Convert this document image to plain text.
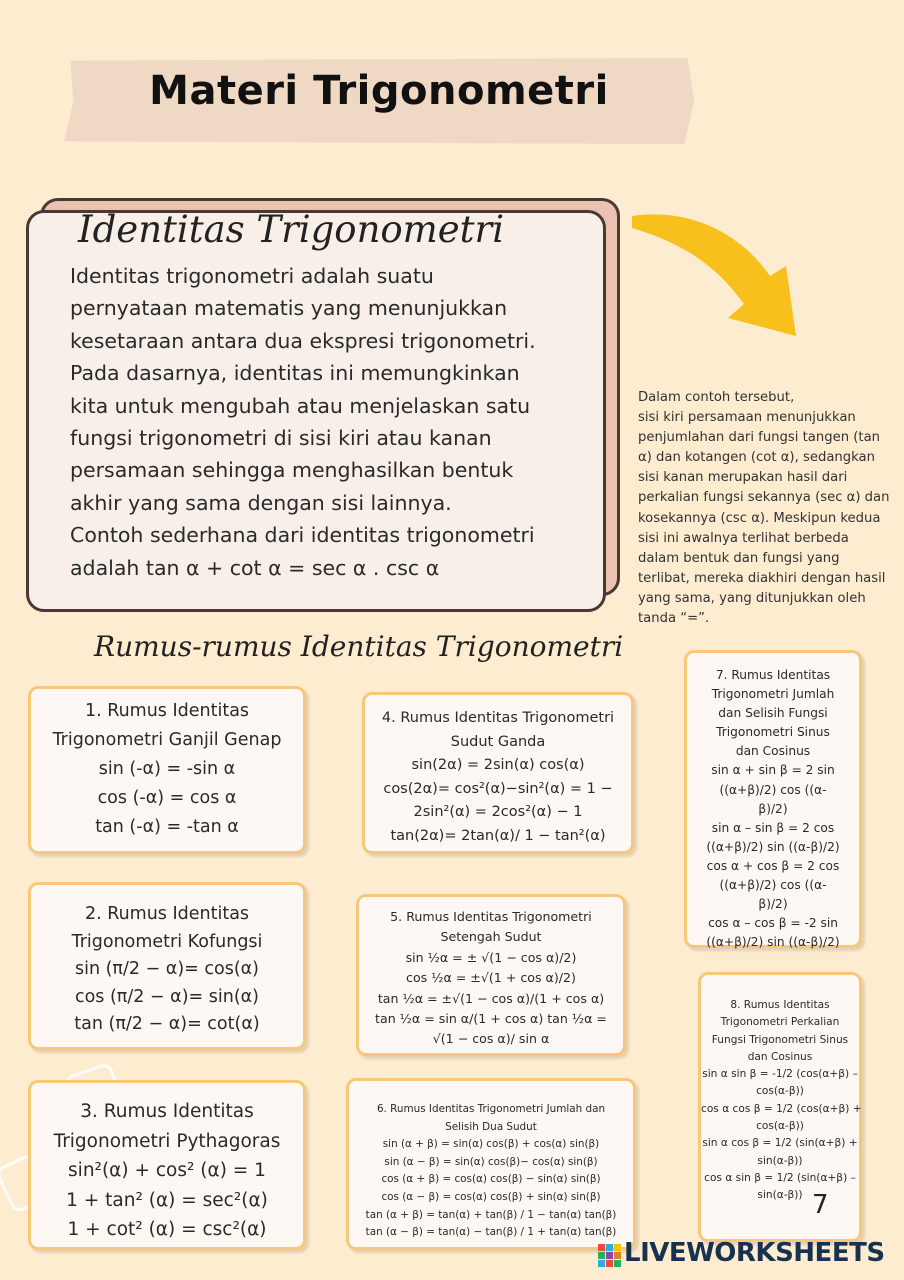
Materi Trigonometri
Identitas Trigonometri
Identitas trigonometri adalah suatu
pernyataan matematis yang menunjukkan
kesetaraan antara dua ekspresi trigonometri.
Pada dasarnya, identitas ini memungkinkan
kita untuk mengubah atau menjelaskan satu
fungsi trigonometri di sisi kiri atau kanan
persamaan sehingga menghasilkan bentuk
akhir yang sama dengan sisi lainnya.
Contoh sederhana dari identitas trigonometri
adalah tan α + cot α = sec α . csc α
Dalam contoh tersebut,
sisi kiri persamaan menunjukkan
penjumlahan dari fungsi tangen (tan
α) dan kotangen (cot α), sedangkan
sisi kanan merupakan hasil dari
perkalian fungsi sekannya (sec α) dan
kosekannya (csc α). Meskipun kedua
sisi ini awalnya terlihat berbeda
dalam bentuk dan fungsi yang
terlibat, mereka diakhiri dengan hasil
yang sama, yang ditunjukkan oleh
tanda “=”.
Rumus-rumus Identitas Trigonometri
1. Rumus Identitas
Trigonometri Ganjil Genap
sin (-α) = -sin α
cos (-α) = cos α
tan (-α) = -tan α
2. Rumus Identitas
Trigonometri Kofungsi
sin (π/2 − α)= cos(α)
cos (π/2 − α)= sin(α)
tan (π/2 − α)= cot(α)
3. Rumus Identitas
Trigonometri Pythagoras
sin²(α) + cos² (α) = 1
1 + tan² (α) = sec²(α)
1 + cot² (α) = csc²(α)
4. Rumus Identitas Trigonometri
Sudut Ganda
sin(2α) = 2sin(α) cos(α)
cos(2α)= cos²(α)−sin²(α) = 1 −
2sin²(α) = 2cos²(α) − 1
tan(2α)= 2tan(α)/ 1 − tan²(α)
5. Rumus Identitas Trigonometri
Setengah Sudut
sin ½α = ± √(1 − cos α)/2)
cos ½α = ±√(1 + cos α)/2)
tan ½α = ±√(1 − cos α)/(1 + cos α)
tan ½α = sin α/(1 + cos α) tan ½α =
√(1 − cos α)/ sin α
6. Rumus Identitas Trigonometri Jumlah dan
Selisih Dua Sudut
sin (α + β) = sin(α) cos(β) + cos(α) sin(β)
sin (α − β) = sin(α) cos(β)− cos(α) sin(β)
cos (α + β) = cos(α) cos(β) − sin(α) sin(β)
cos (α − β) = cos(α) cos(β) + sin(α) sin(β)
tan (α + β) = tan(α) + tan(β) / 1 − tan(α) tan(β)
tan (α − β) = tan(α) − tan(β) / 1 + tan(α) tan(β)
7. Rumus Identitas
Trigonometri Jumlah
dan Selisih Fungsi
Trigonometri Sinus
dan Cosinus
sin α + sin β = 2 sin
((α+β)/2) cos ((α-
β)/2)
sin α – sin β = 2 cos
((α+β)/2) sin ((α-β)/2)
cos α + cos β = 2 cos
((α+β)/2) cos ((α-
β)/2)
cos α – cos β = -2 sin
((α+β)/2) sin ((α-β)/2)
8. Rumus Identitas
Trigonometri Perkalian
Fungsi Trigonometri Sinus
dan Cosinus
sin α sin β = -1/2 (cos(α+β) –
cos(α-β))
cos α cos β = 1/2 (cos(α+β) +
cos(α-β))
sin α cos β = 1/2 (sin(α+β) +
sin(α-β))
cos α sin β = 1/2 (sin(α+β) –
sin(α-β)) 7
LIVEWORKSHEETS
